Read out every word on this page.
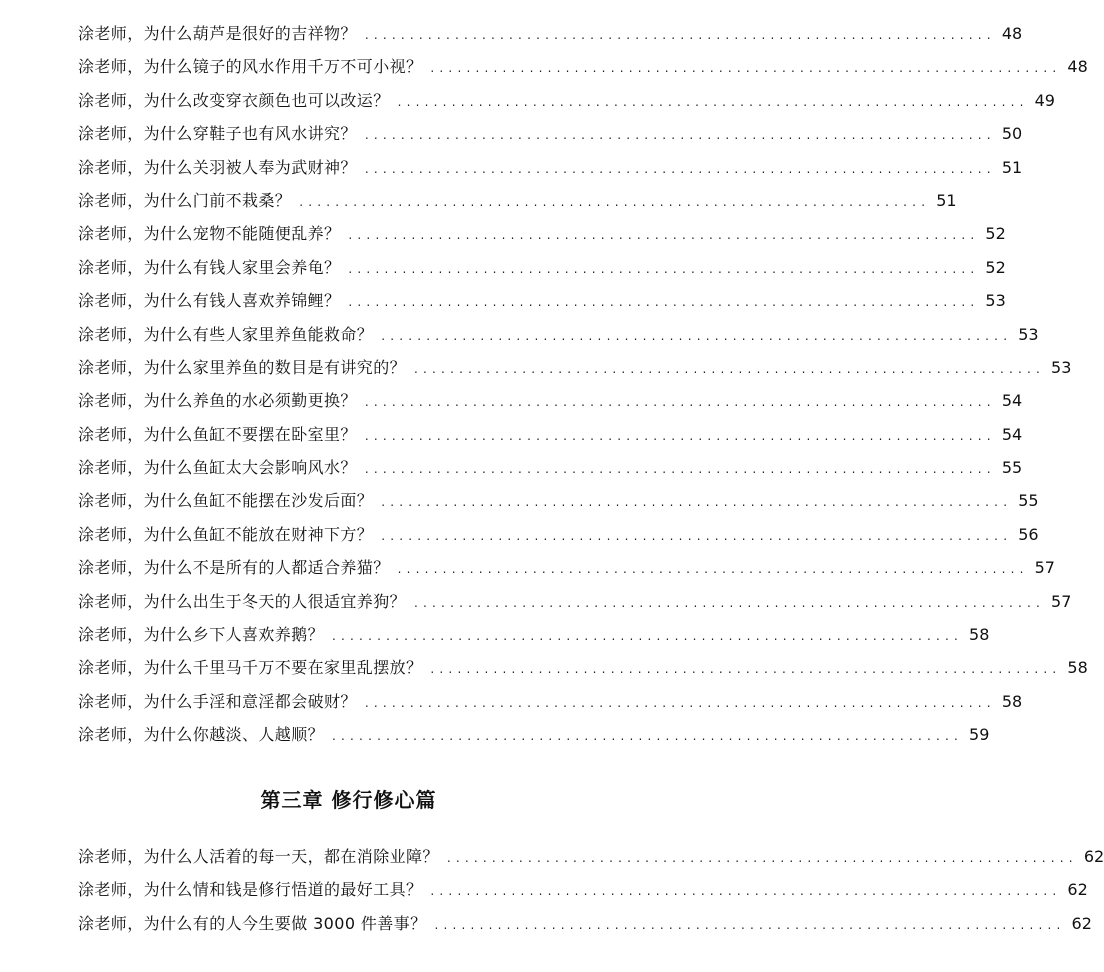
涂老师，为什么葫芦是很好的吉祥物？ ...................................................................... 48
涂老师，为什么镜子的风水作用千万不可小视？ ...................................................................... 48
涂老师，为什么改变穿衣颜色也可以改运？ ...................................................................... 49
涂老师，为什么穿鞋子也有风水讲究？ ...................................................................... 50
涂老师，为什么关羽被人奉为武财神？ ...................................................................... 51
涂老师，为什么门前不栽桑？ ...................................................................... 51
涂老师，为什么宠物不能随便乱养？ ...................................................................... 52
涂老师，为什么有钱人家里会养龟？ ...................................................................... 52
涂老师，为什么有钱人喜欢养锦鲤？ ...................................................................... 53
涂老师，为什么有些人家里养鱼能救命？ ...................................................................... 53
涂老师，为什么家里养鱼的数目是有讲究的？ ...................................................................... 53
涂老师，为什么养鱼的水必须勤更换？ ...................................................................... 54
涂老师，为什么鱼缸不要摆在卧室里？ ...................................................................... 54
涂老师，为什么鱼缸太大会影响风水？ ...................................................................... 55
涂老师，为什么鱼缸不能摆在沙发后面？ ...................................................................... 55
涂老师，为什么鱼缸不能放在财神下方？ ...................................................................... 56
涂老师，为什么不是所有的人都适合养猫？ ...................................................................... 57
涂老师，为什么出生于冬天的人很适宜养狗？ ...................................................................... 57
涂老师，为什么乡下人喜欢养鹅？ ...................................................................... 58
涂老师，为什么千里马千万不要在家里乱摆放？ ...................................................................... 58
涂老师，为什么手淫和意淫都会破财？ ...................................................................... 58
涂老师，为什么你越淡、人越顺？ ...................................................................... 59
第三章 修行修心篇
涂老师，为什么人活着的每一天，都在消除业障？ ...................................................................... 62
涂老师，为什么情和钱是修行悟道的最好工具？ ...................................................................... 62
涂老师，为什么有的人今生要做 3000 件善事？ ...................................................................... 62
